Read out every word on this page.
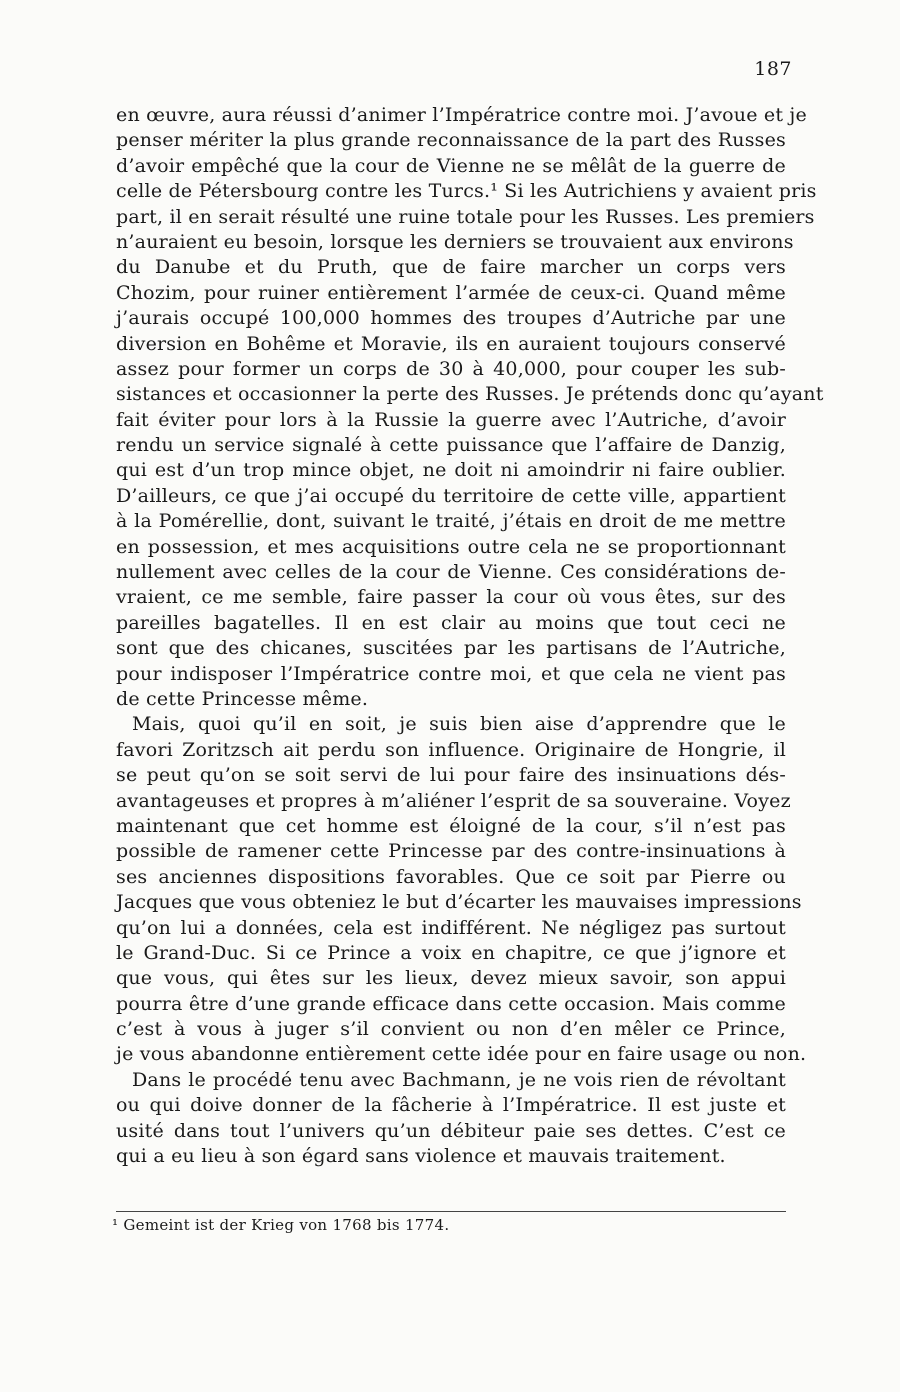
187
en œuvre, aura réussi d’animer l’Impératrice contre moi. J’avoue et je
penser mériter la plus grande reconnaissance de la part des Russes
d’avoir empêché que la cour de Vienne ne se mêlât de la guerre de
celle de Pétersbourg contre les Turcs.¹ Si les Autrichiens y avaient pris
part, il en serait résulté une ruine totale pour les Russes. Les premiers
n’auraient eu besoin, lorsque les derniers se trouvaient aux environs
du Danube et du Pruth, que de faire marcher un corps vers
Chozim, pour ruiner entièrement l’armée de ceux-ci. Quand même
j’aurais occupé 100,000 hommes des troupes d’Autriche par une
diversion en Bohême et Moravie, ils en auraient toujours conservé
assez pour former un corps de 30 à 40,000, pour couper les sub-
sistances et occasionner la perte des Russes. Je prétends donc qu’ayant
fait éviter pour lors à la Russie la guerre avec l’Autriche, d’avoir
rendu un service signalé à cette puissance que l’affaire de Danzig,
qui est d’un trop mince objet, ne doit ni amoindrir ni faire oublier.
D’ailleurs, ce que j’ai occupé du territoire de cette ville, appartient
à la Pomérellie, dont, suivant le traité, j’étais en droit de me mettre
en possession, et mes acquisitions outre cela ne se proportionnant
nullement avec celles de la cour de Vienne. Ces considérations de-
vraient, ce me semble, faire passer la cour où vous êtes, sur des
pareilles bagatelles. Il en est clair au moins que tout ceci ne
sont que des chicanes, suscitées par les partisans de l’Autriche,
pour indisposer l’Impératrice contre moi, et que cela ne vient pas
de cette Princesse même.
Mais, quoi qu’il en soit, je suis bien aise d’apprendre que le
favori Zoritzsch ait perdu son influence. Originaire de Hongrie, il
se peut qu’on se soit servi de lui pour faire des insinuations dés-
avantageuses et propres à m’aliéner l’esprit de sa souveraine. Voyez
maintenant que cet homme est éloigné de la cour, s’il n’est pas
possible de ramener cette Princesse par des contre-insinuations à
ses anciennes dispositions favorables. Que ce soit par Pierre ou
Jacques que vous obteniez le but d’écarter les mauvaises impressions
qu’on lui a données, cela est indifférent. Ne négligez pas surtout
le Grand-Duc. Si ce Prince a voix en chapitre, ce que j’ignore et
que vous, qui êtes sur les lieux, devez mieux savoir, son appui
pourra être d’une grande efficace dans cette occasion. Mais comme
c’est à vous à juger s’il convient ou non d’en mêler ce Prince,
je vous abandonne entièrement cette idée pour en faire usage ou non.
Dans le procédé tenu avec Bachmann, je ne vois rien de révoltant
ou qui doive donner de la fâcherie à l’Impératrice. Il est juste et
usité dans tout l’univers qu’un débiteur paie ses dettes. C’est ce
qui a eu lieu à son égard sans violence et mauvais traitement.
¹ Gemeint ist der Krieg von 1768 bis 1774.
